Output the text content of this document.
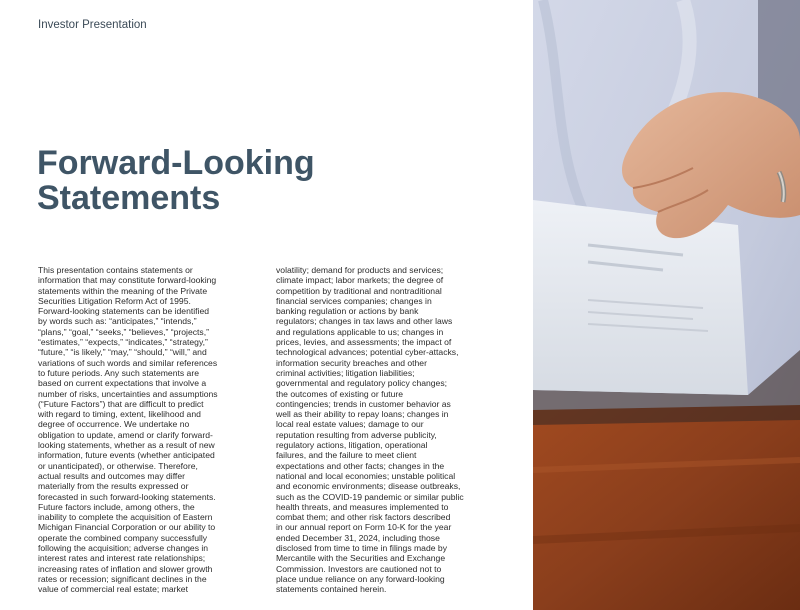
Investor Presentation
Forward-Looking
Statements

This presentation contains statements or
information that may constitute forward-looking
statements within the meaning of the Private
Securities Litigation Reform Act of 1995.
Forward-looking statements can be identified
by words such as: “anticipates,” “intends,”
“plans,” “goal,” “seeks,” “believes,” “projects,”
“estimates,” “expects,” “indicates,” “strategy,”
“future,” “is likely,” “may,” “should,” “will,” and
variations of such words and similar references
to future periods. Any such statements are
based on current expectations that involve a
number of risks, uncertainties and assumptions
(“Future Factors”) that are difficult to predict
with regard to timing, extent, likelihood and
degree of occurrence. We undertake no
obligation to update, amend or clarify forward-
looking statements, whether as a result of new
information, future events (whether anticipated
or unanticipated), or otherwise. Therefore,
actual results and outcomes may differ
materially from the results expressed or
forecasted in such forward-looking statements.
Future factors include, among others, the
inability to complete the acquisition of Eastern
Michigan Financial Corporation or our ability to
operate the combined company successfully
following the acquisition; adverse changes in
interest rates and interest rate relationships;
increasing rates of inflation and slower growth
rates or recession; significant declines in the
value of commercial real estate; market

volatility; demand for products and services;
climate impact; labor markets; the degree of
competition by traditional and nontraditional
financial services companies; changes in
banking regulation or actions by bank
regulators; changes in tax laws and other laws
and regulations applicable to us; changes in
prices, levies, and assessments; the impact of
technological advances; potential cyber-attacks,
information security breaches and other
criminal activities; litigation liabilities;
governmental and regulatory policy changes;
the outcomes of existing or future
contingencies; trends in customer behavior as
well as their ability to repay loans; changes in
local real estate values; damage to our
reputation resulting from adverse publicity,
regulatory actions, litigation, operational
failures, and the failure to meet client
expectations and other facts; changes in the
national and local economies; unstable political
and economic environments; disease outbreaks,
such as the COVID-19 pandemic or similar public
health threats, and measures implemented to
combat them; and other risk factors described
in our annual report on Form 10-K for the year
ended December 31, 2024, including those
disclosed from time to time in filings made by
Mercantile with the Securities and Exchange
Commission. Investors are cautioned not to
place undue reliance on any forward-looking
statements contained herein.
